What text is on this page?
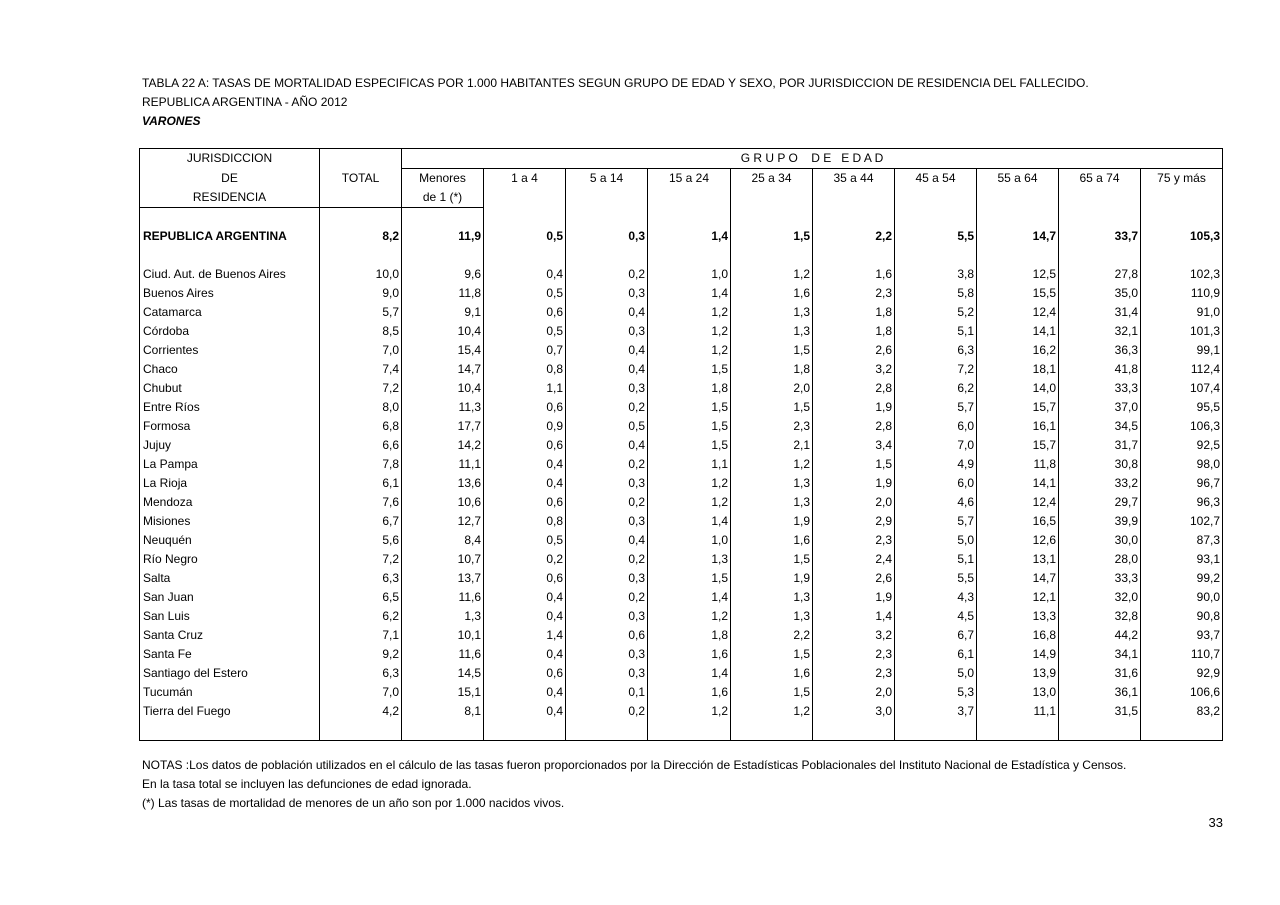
TABLA 22 A: TASAS DE MORTALIDAD ESPECIFICAS POR 1.000 HABITANTES SEGUN GRUPO DE EDAD Y SEXO, POR JURISDICCION DE RESIDENCIA DEL FALLECIDO.
REPUBLICA ARGENTINA - AÑO 2012
VARONES
JURISDICCION		G R U P O    D E   E D A D									
DE	TOTAL	Menores	1 a 4	5 a 14	15 a 24	25 a 34	35 a 44	45 a 54	55 a 64	65 a 74	75 y más
RESIDENCIA		de 1 (*)									

REPUBLICA ARGENTINA	8,2	11,9	0,5	0,3	1,4	1,5	2,2	5,5	14,7	33,7	105,3

Ciud. Aut. de Buenos Aires	10,0	9,6	0,4	0,2	1,0	1,2	1,6	3,8	12,5	27,8	102,3
Buenos Aires	9,0	11,8	0,5	0,3	1,4	1,6	2,3	5,8	15,5	35,0	110,9
Catamarca	5,7	9,1	0,6	0,4	1,2	1,3	1,8	5,2	12,4	31,4	91,0
Córdoba	8,5	10,4	0,5	0,3	1,2	1,3	1,8	5,1	14,1	32,1	101,3
Corrientes	7,0	15,4	0,7	0,4	1,2	1,5	2,6	6,3	16,2	36,3	99,1
Chaco	7,4	14,7	0,8	0,4	1,5	1,8	3,2	7,2	18,1	41,8	112,4
Chubut	7,2	10,4	1,1	0,3	1,8	2,0	2,8	6,2	14,0	33,3	107,4
Entre Ríos	8,0	11,3	0,6	0,2	1,5	1,5	1,9	5,7	15,7	37,0	95,5
Formosa	6,8	17,7	0,9	0,5	1,5	2,3	2,8	6,0	16,1	34,5	106,3
Jujuy	6,6	14,2	0,6	0,4	1,5	2,1	3,4	7,0	15,7	31,7	92,5
La Pampa	7,8	11,1	0,4	0,2	1,1	1,2	1,5	4,9	11,8	30,8	98,0
La Rioja	6,1	13,6	0,4	0,3	1,2	1,3	1,9	6,0	14,1	33,2	96,7
Mendoza	7,6	10,6	0,6	0,2	1,2	1,3	2,0	4,6	12,4	29,7	96,3
Misiones	6,7	12,7	0,8	0,3	1,4	1,9	2,9	5,7	16,5	39,9	102,7
Neuquén	5,6	8,4	0,5	0,4	1,0	1,6	2,3	5,0	12,6	30,0	87,3
Río Negro	7,2	10,7	0,2	0,2	1,3	1,5	2,4	5,1	13,1	28,0	93,1
Salta	6,3	13,7	0,6	0,3	1,5	1,9	2,6	5,5	14,7	33,3	99,2
San Juan	6,5	11,6	0,4	0,2	1,4	1,3	1,9	4,3	12,1	32,0	90,0
San Luis	6,2	1,3	0,4	0,3	1,2	1,3	1,4	4,5	13,3	32,8	90,8
Santa Cruz	7,1	10,1	1,4	0,6	1,8	2,2	3,2	6,7	16,8	44,2	93,7
Santa Fe	9,2	11,6	0,4	0,3	1,6	1,5	2,3	6,1	14,9	34,1	110,7
Santiago del Estero	6,3	14,5	0,6	0,3	1,4	1,6	2,3	5,0	13,9	31,6	92,9
Tucumán	7,0	15,1	0,4	0,1	1,6	1,5	2,0	5,3	13,0	36,1	106,6
Tierra del Fuego	4,2	8,1	0,4	0,2	1,2	1,2	3,0	3,7	11,1	31,5	83,2

NOTAS :Los datos de población utilizados en el cálculo de las tasas fueron proporcionados por la Dirección de Estadísticas Poblacionales del Instituto Nacional de Estadística y Censos.
En la tasa total se incluyen las defunciones de edad ignorada.
(*) Las tasas de mortalidad de menores de un año son por 1.000 nacidos vivos.
33
